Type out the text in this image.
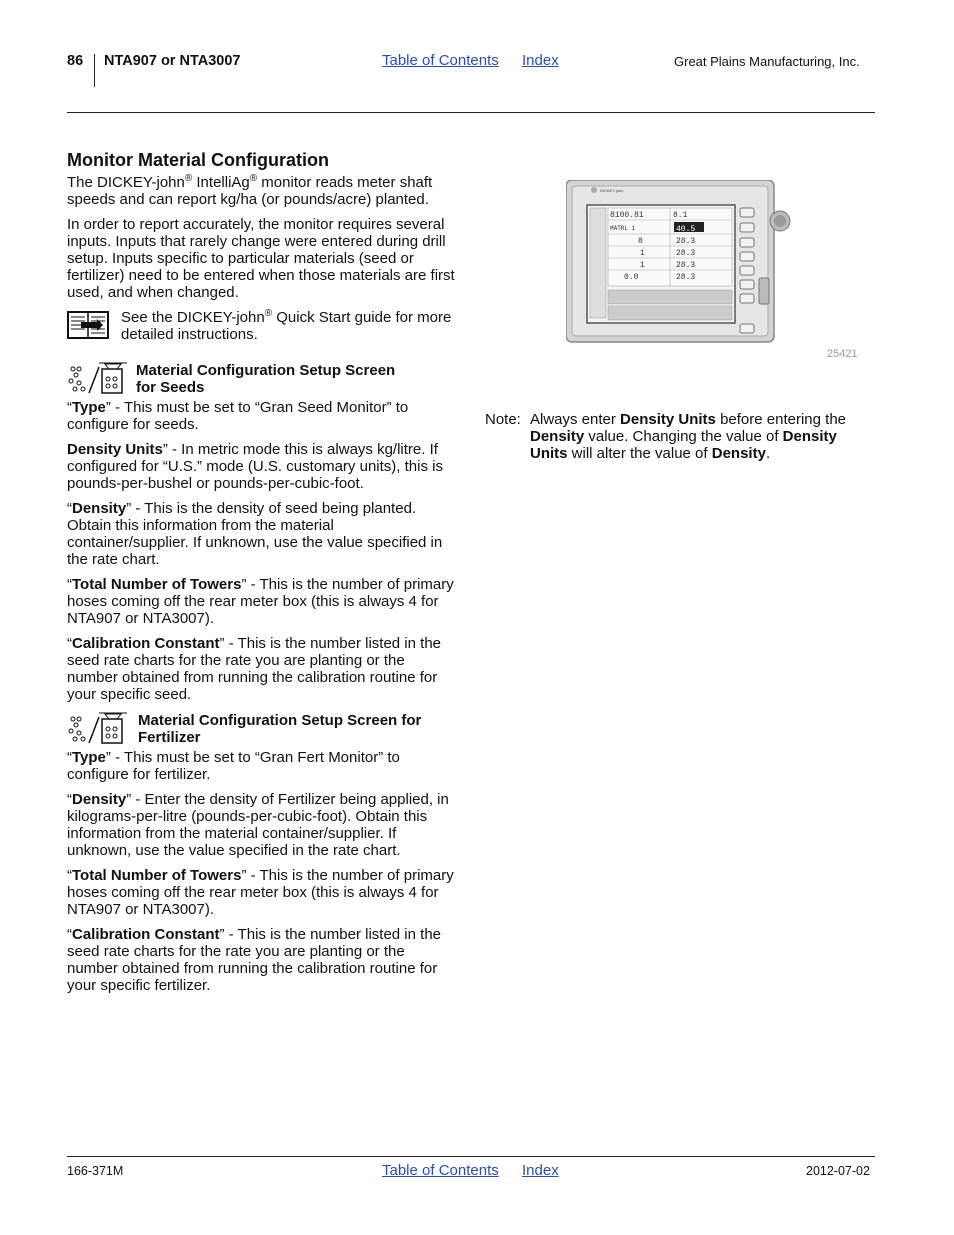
86 NTA907 or NTA3007	Table of Contents Index	Great Plains Manufacturing, Inc.
Monitor Material Configuration

The DICKEY-john® IntelliAg® monitor reads meter shaft speeds and can report kg/ha (or pounds/acre) planted.

In order to report accurately, the monitor requires several inputs. Inputs that rarely change were entered during drill setup. Inputs specific to particular materials (seed or fertilizer) need to be entered when those materials are first used, and when changed.

See the DICKEY-john® Quick Start guide for more detailed instructions.
Material Configuration Setup Screen for Seeds

“Type” - This must be set to “Gran Seed Monitor” to configure for seeds.

Density Units” - In metric mode this is always kg/litre. If configured for “U.S.” mode (U.S. customary units), this is pounds-per-bushel or pounds-per-cubic-foot.

“Density” - This is the density of seed being planted. Obtain this information from the material container/supplier. If unknown, use the value specified in the rate chart.

“Total Number of Towers” - This is the number of primary hoses coming off the rear meter box (this is always 4 for NTA907 or NTA3007).

“Calibration Constant” - This is the number listed in the seed rate charts for the rate you are planting or the number obtained from running the calibration routine for your specific seed.

Material Configuration Setup Screen for Fertilizer

“Type” - This must be set to “Gran Fert Monitor” to configure for fertilizer.

“Density” - Enter the density of Fertilizer being applied, in kilograms-per-litre (pounds-per-cubic-foot). Obtain this information from the material container/supplier. If unknown, use the value specified in the rate chart.

“Total Number of Towers” - This is the number of primary hoses coming off the rear meter box (this is always 4 for NTA907 or NTA3007).

“Calibration Constant” - This is the number listed in the seed rate charts for the rate you are planting or the number obtained from running the calibration routine for your specific fertilizer.

DICKEY-john
8100.81	8.1
MATRL 1	40.5
8	28.3
1	28.3
1	28.3
0.0	28.3
25421
Note: Always enter Density Units before entering the Density value. Changing the value of Density Units will alter the value of Density.
166-371M	Table of Contents Index	2012-07-02
